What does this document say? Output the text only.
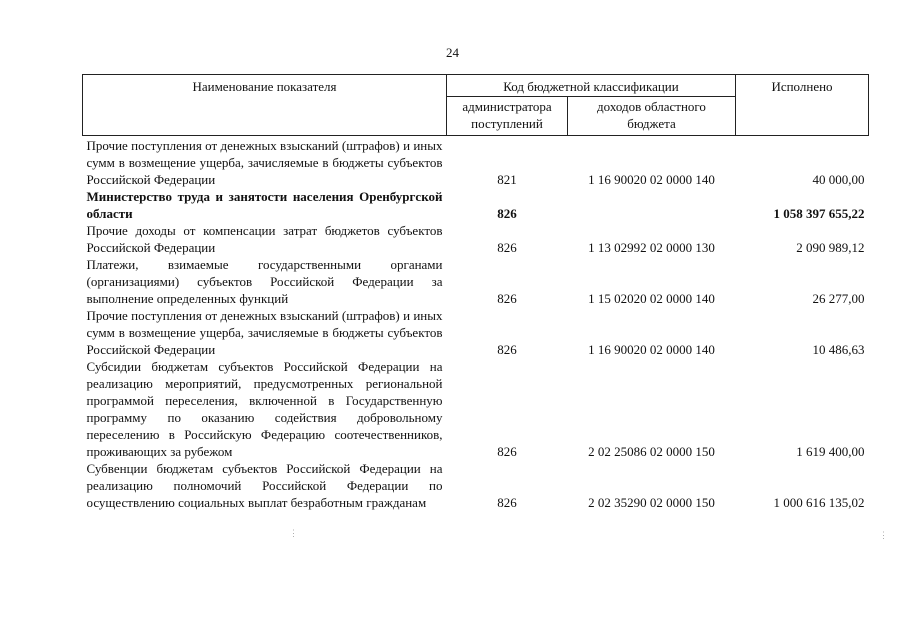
24
Наименование показателя	Код бюджетной классификации		Исполнено
	администратора поступлений	доходов областного бюджета	
Прочие поступления от денежных взысканий (штрафов) и иных сумм в возмещение ущерба, зачисляемые в бюджеты субъектов Российской Федерации	821	1 16 90020 02 0000 140	40 000,00
Министерство труда и занятости населения Оренбургской области	826		1 058 397 655,22
Прочие доходы от компенсации затрат бюджетов субъектов Российской Федерации	826	1 13 02992 02 0000 130	2 090 989,12
Платежи, взимаемые государственными органами (организациями) субъектов Российской Федерации за выполнение определенных функций	826	1 15 02020 02 0000 140	26 277,00
Прочие поступления от денежных взысканий (штрафов) и иных сумм в возмещение ущерба, зачисляемые в бюджеты субъектов Российской Федерации	826	1 16 90020 02 0000 140	10 486,63
Субсидии бюджетам субъектов Российской Федерации на реализацию мероприятий, предусмотренных региональной программой переселения, включенной в Государственную программу по оказанию содействия добровольному переселению в Российскую Федерацию соотечественников, проживающих за рубежом	826	2 02 25086 02 0000 150	1 619 400,00
Субвенции бюджетам субъектов Российской Федерации на реализацию полномочий Российской Федерации по осуществлению социальных выплат безработным гражданам	826	2 02 35290 02 0000 150	1 000 616 135,02
⋮	⋮
